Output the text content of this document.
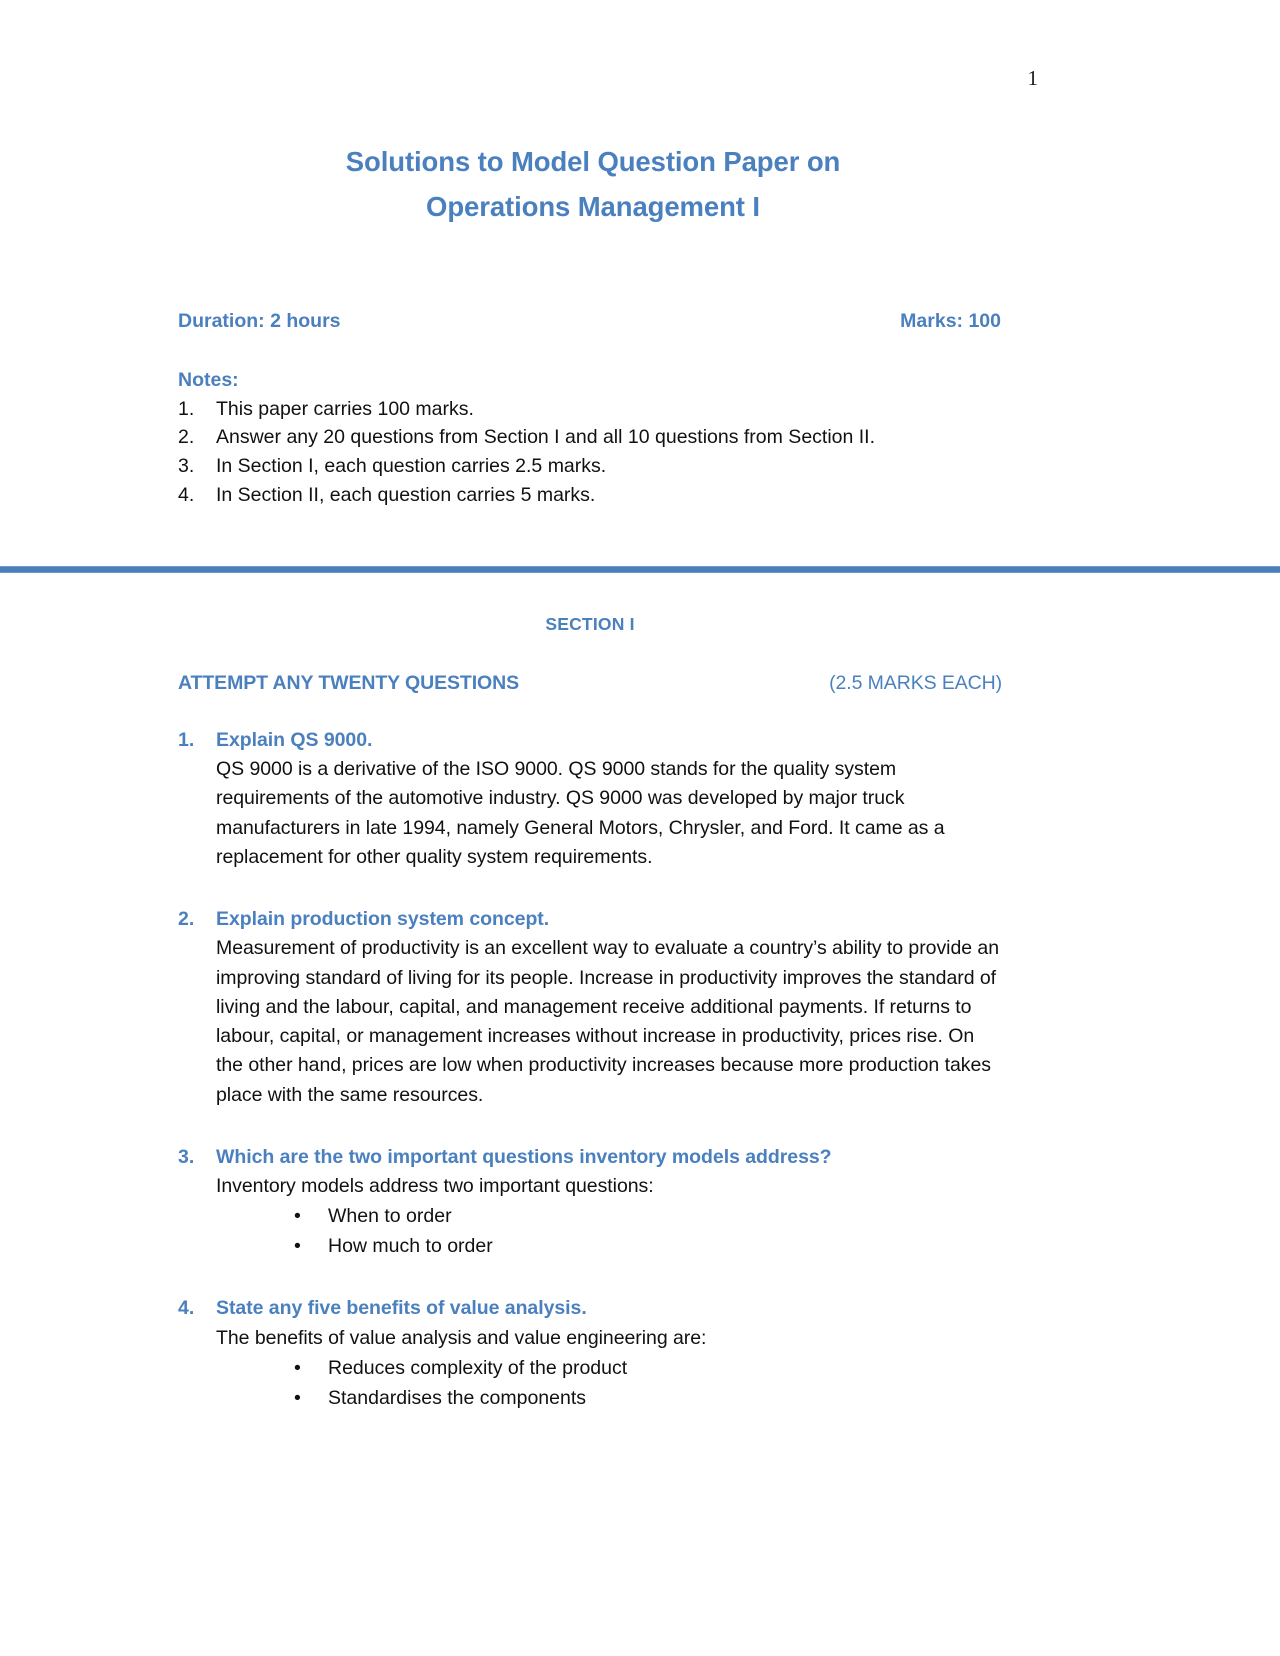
1
Solutions to Model Question Paper on
Operations Management I
Duration: 2 hours	Marks: 100
Notes:
1.	This paper carries 100 marks.
2.	Answer any 20 questions from Section I and all 10 questions from Section II.
3.	In Section I, each question carries 2.5 marks.
4.	In Section II, each question carries 5 marks.
SECTION I
ATTEMPT ANY TWENTY QUESTIONS	(2.5 MARKS EACH)
1.	Explain QS 9000.

QS 9000 is a derivative of the ISO 9000. QS 9000 stands for the quality system requirements of the automotive industry. QS 9000 was developed by major truck manufacturers in late 1994, namely General Motors, Chrysler, and Ford. It came as a replacement for other quality system requirements.

2.	Explain production system concept.

Measurement of productivity is an excellent way to evaluate a country’s ability to provide an improving standard of living for its people. Increase in productivity improves the standard of living and the labour, capital, and management receive additional payments. If returns to labour, capital, or management increases without increase in productivity, prices rise. On the other hand, prices are low when productivity increases because more production takes place with the same resources.

3.	Which are the two important questions inventory models address?

Inventory models address two important questions:

• When to order
• How much to order
4.	State any five benefits of value analysis.

The benefits of value analysis and value engineering are:

• Reduces complexity of the product
• Standardises the components
